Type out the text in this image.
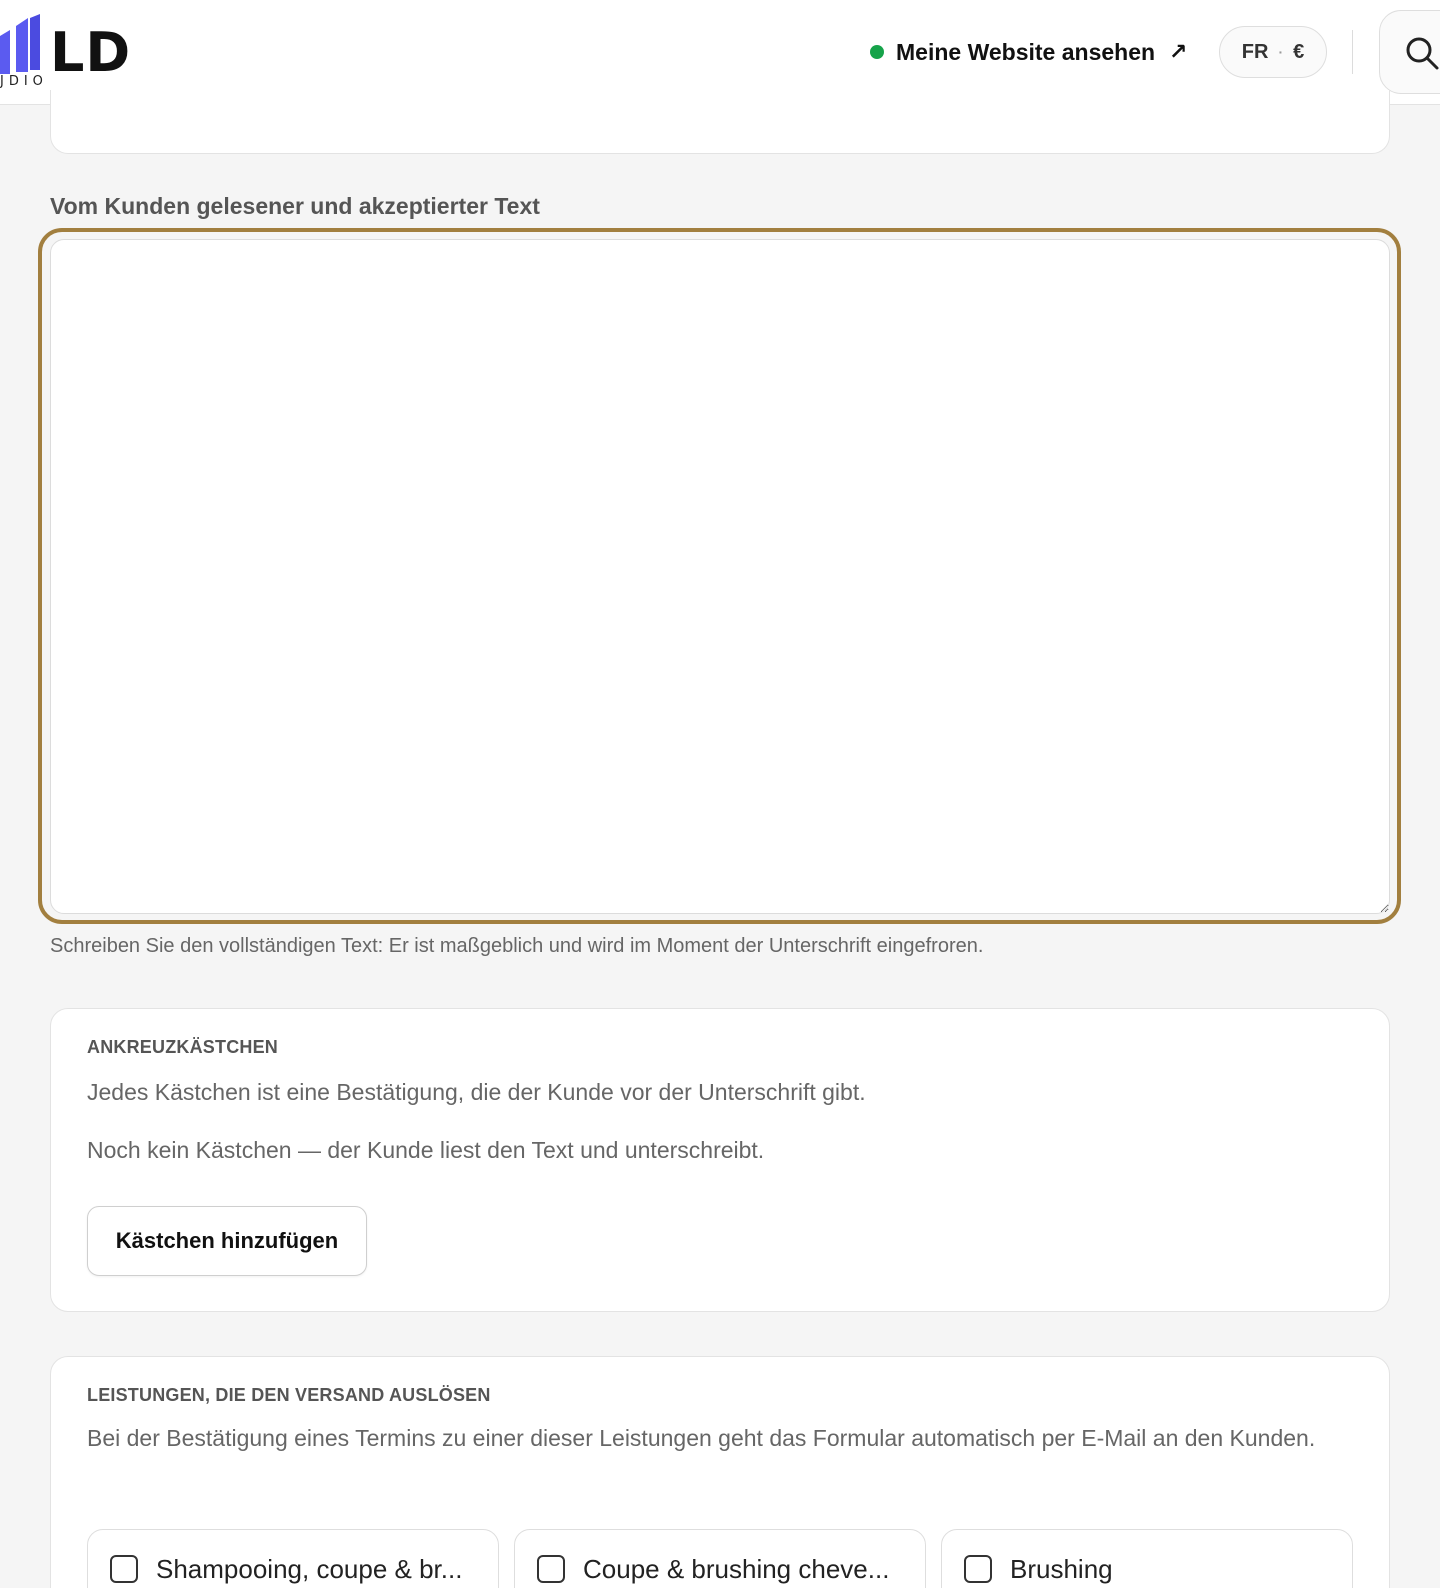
LD
JDIO
Meine Website ansehen ↗	FR · €
Vom Kunden gelesener und akzeptierter Text
Schreiben Sie den vollständigen Text: Er ist maßgeblich und wird im Moment der Unterschrift eingefroren.
ANKREUZKÄSTCHEN
Jedes Kästchen ist eine Bestätigung, die der Kunde vor der Unterschrift gibt.
Noch kein Kästchen — der Kunde liest den Text und unterschreibt.
Kästchen hinzufügen
LEISTUNGEN, DIE DEN VERSAND AUSLÖSEN
Bei der Bestätigung eines Termins zu einer dieser Leistungen geht das Formular automatisch per E-Mail an den Kunden.
Shampooing, coupe & br...	Coupe & brushing cheve...	Brushing
